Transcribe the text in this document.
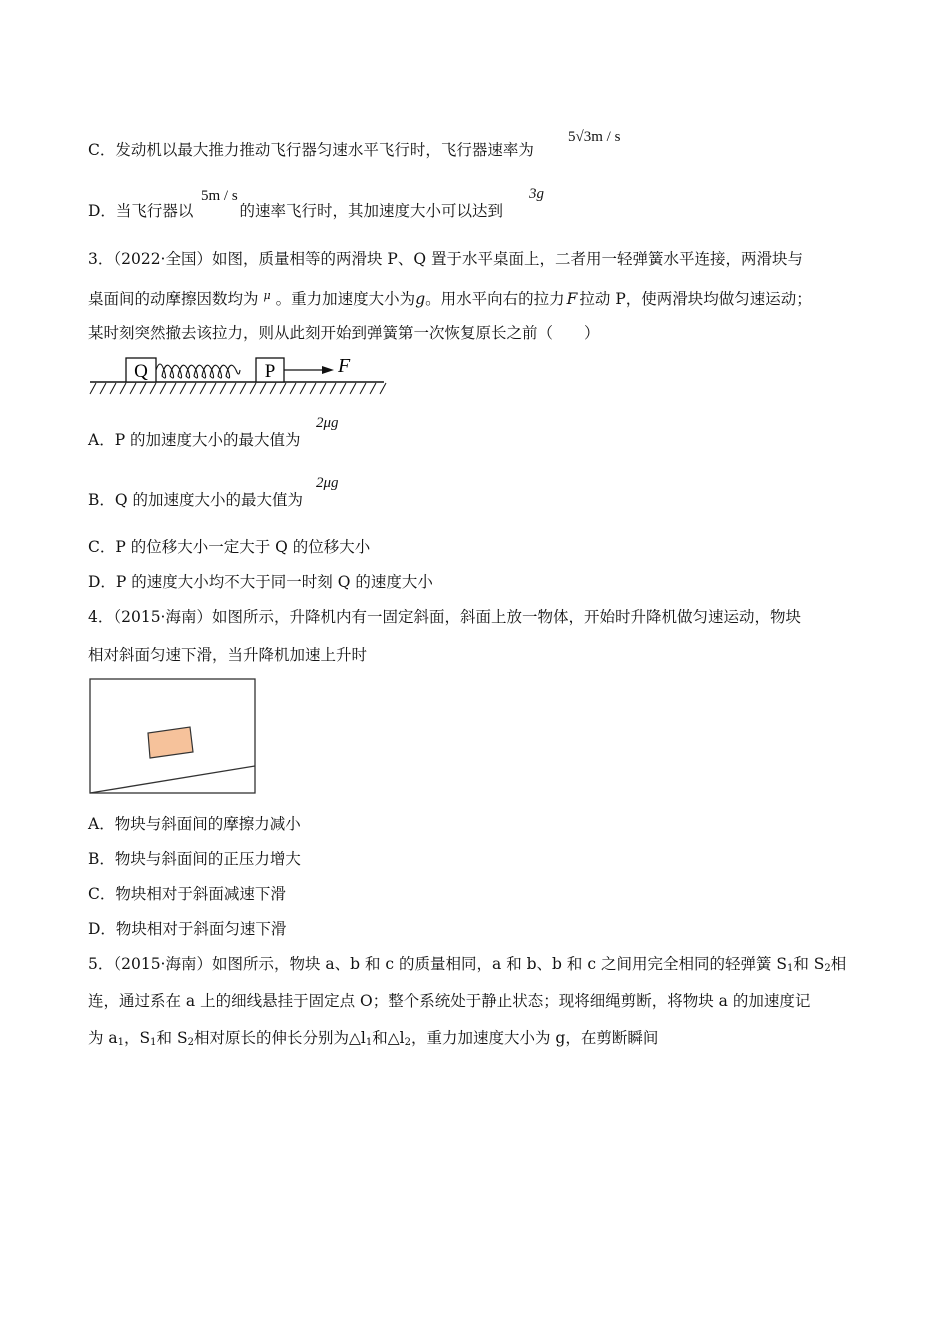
C．发动机以最大推力推动飞行器匀速水平飞行时，飞行器速率为
5√3m / s
D．当飞行器以	的速率飞行时，其加速度大小可以达到
5m / s	3g
3．（2022·全国）如图，质量相等的两滑块 P、Q 置于水平桌面上，二者用一轻弹簧水平连接，两滑块与
桌面间的动摩擦因数均为 $^\mu$ 。重力加速度大小为g。用水平向右的拉力 F 拉动 P，使两滑块均做匀速运动；
某时刻突然撤去该拉力，则从此刻开始到弹簧第一次恢复原长之前（　　）
Q	P	F
A．P 的加速度大小的最大值为
2μg
B．Q 的加速度大小的最大值为
2μg
C．P 的位移大小一定大于 Q 的位移大小
D．P 的速度大小均不大于同一时刻 Q 的速度大小
4．（2015·海南）如图所示，升降机内有一固定斜面，斜面上放一物体，开始时升降机做匀速运动，物块
相对斜面匀速下滑，当升降机加速上升时
A．物块与斜面间的摩擦力减小
B．物块与斜面间的正压力增大
C．物块相对于斜面减速下滑
D．物块相对于斜面匀速下滑
5．（2015·海南）如图所示，物块 a、b 和 c 的质量相同，a 和 b、b 和 c 之间用完全相同的轻弹簧 $S_1$和 $S_2$相
连，通过系在 a 上的细线悬挂于固定点 O；整个系统处于静止状态；现将细绳剪断，将物块 a 的加速度记
为 $a_1$，$S_1$和 $S_2$相对原长的伸长分别为$\triangle l_1$和$\triangle l_2$，重力加速度大小为 g，在剪断瞬间
